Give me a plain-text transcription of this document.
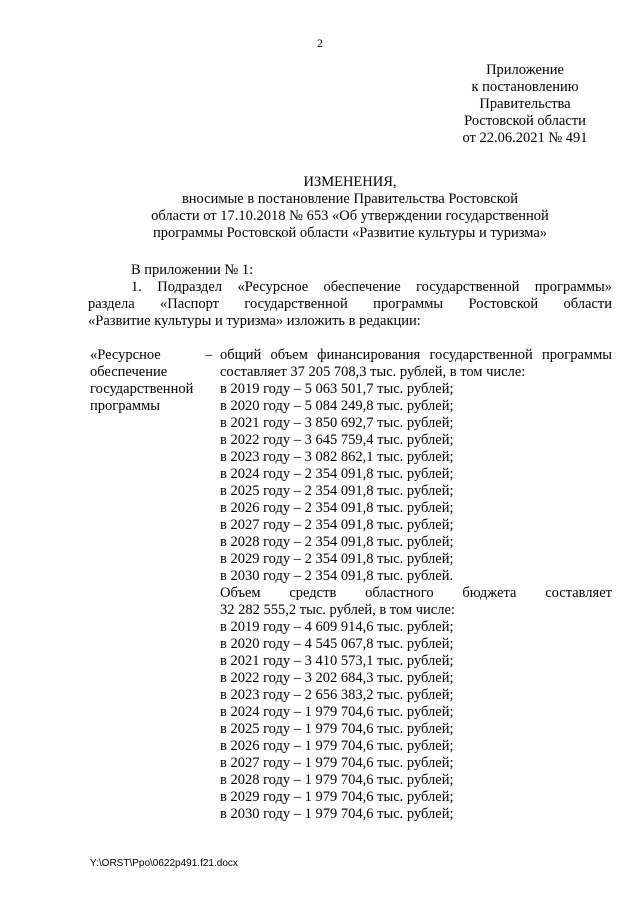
2
Приложение
к постановлению
Правительства
Ростовской области
от 22.06.2021 № 491
ИЗМЕНЕНИЯ,
вносимые в постановление Правительства Ростовской
области от 17.10.2018 № 653 «Об утверждении государственной
программы Ростовской области «Развитие культуры и туризма»
В приложении № 1:
1. Подраздел «Ресурсное обеспечение государственной программы»
раздела «Паспорт государственной программы Ростовской области
«Развитие культуры и туризма» изложить в редакции:
«Ресурсное
обеспечение
государственной
программы
– общий объем финансирования государственной программы
составляет 37 205 708,3 тыс. рублей, в том числе:
в 2019 году – 5 063 501,7 тыс. рублей;
в 2020 году – 5 084 249,8 тыс. рублей;
в 2021 году – 3 850 692,7 тыс. рублей;
в 2022 году – 3 645 759,4 тыс. рублей;
в 2023 году – 3 082 862,1 тыс. рублей;
в 2024 году – 2 354 091,8 тыс. рублей;
в 2025 году – 2 354 091,8 тыс. рублей;
в 2026 году – 2 354 091,8 тыс. рублей;
в 2027 году – 2 354 091,8 тыс. рублей;
в 2028 году – 2 354 091,8 тыс. рублей;
в 2029 году – 2 354 091,8 тыс. рублей;
в 2030 году – 2 354 091,8 тыс. рублей.
Объем средств областного бюджета составляет
32 282 555,2 тыс. рублей, в том числе:
в 2019 году – 4 609 914,6 тыс. рублей;
в 2020 году – 4 545 067,8 тыс. рублей;
в 2021 году – 3 410 573,1 тыс. рублей;
в 2022 году – 3 202 684,3 тыс. рублей;
в 2023 году – 2 656 383,2 тыс. рублей;
в 2024 году – 1 979 704,6 тыс. рублей;
в 2025 году – 1 979 704,6 тыс. рублей;
в 2026 году – 1 979 704,6 тыс. рублей;
в 2027 году – 1 979 704,6 тыс. рублей;
в 2028 году – 1 979 704,6 тыс. рублей;
в 2029 году – 1 979 704,6 тыс. рублей;
в 2030 году – 1 979 704,6 тыс. рублей;
Y:\ORST\Ppo\0622p491.f21.docx
